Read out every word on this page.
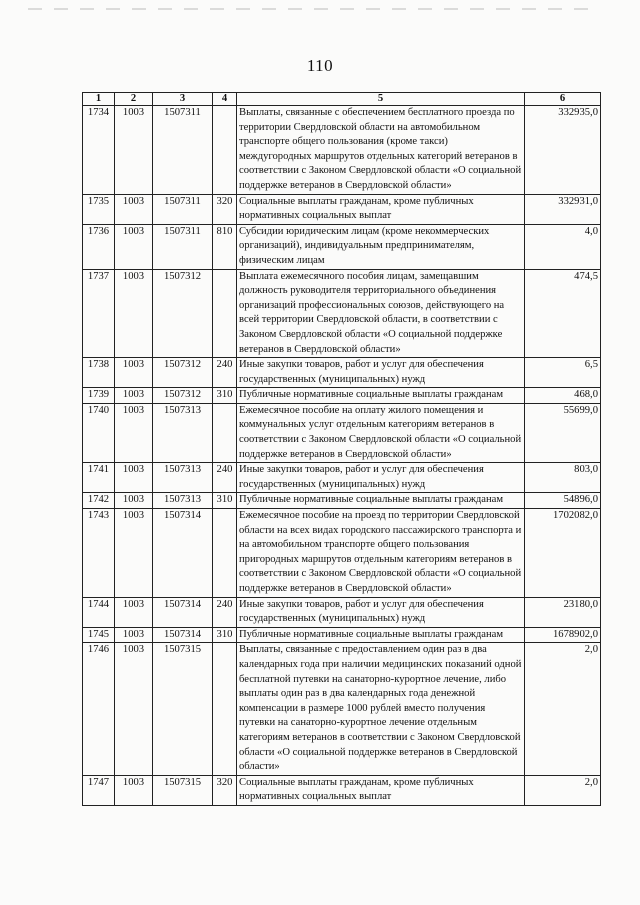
110
1	2	3	4	5	6
1734	1003	1507311		Выплаты, связанные с обеспечением бесплатного проезда по территории Свердловской области на автомобильном транспорте общего пользования (кроме такси) междугородных маршрутов отдельных категорий ветеранов в соответствии с Законом Свердловской области «О социальной поддержке ветеранов в Свердловской области»	332935,0
1735	1003	1507311	320	Социальные выплаты гражданам, кроме публичных нормативных социальных выплат	332931,0
1736	1003	1507311	810	Субсидии юридическим лицам (кроме некоммерческих организаций), индивидуальным предпринимателям, физическим лицам	4,0
1737	1003	1507312		Выплата ежемесячного пособия лицам, замещавшим должность руководителя территориального объединения организаций профессиональных союзов, действующего на всей территории Свердловской области, в соответствии с Законом Свердловской области «О социальной поддержке ветеранов в Свердловской области»	474,5
1738	1003	1507312	240	Иные закупки товаров, работ и услуг для обеспечения государственных (муниципальных) нужд	6,5
1739	1003	1507312	310	Публичные нормативные социальные выплаты гражданам	468,0
1740	1003	1507313		Ежемесячное пособие на оплату жилого помещения и коммунальных услуг отдельным категориям ветеранов в соответствии с Законом Свердловской области «О социальной поддержке ветеранов в Свердловской области»	55699,0
1741	1003	1507313	240	Иные закупки товаров, работ и услуг для обеспечения государственных (муниципальных) нужд	803,0
1742	1003	1507313	310	Публичные нормативные социальные выплаты гражданам	54896,0
1743	1003	1507314		Ежемесячное пособие на проезд по территории Свердловской области на всех видах городского пассажирского транспорта и на автомобильном транспорте общего пользования пригородных маршрутов отдельным категориям ветеранов в соответствии с Законом Свердловской области «О социальной поддержке ветеранов в Свердловской области»	1702082,0
1744	1003	1507314	240	Иные закупки товаров, работ и услуг для обеспечения государственных (муниципальных) нужд	23180,0
1745	1003	1507314	310	Публичные нормативные социальные выплаты гражданам	1678902,0
1746	1003	1507315		Выплаты, связанные с предоставлением один раз в два календарных года при наличии медицинских показаний одной бесплатной путевки на санаторно-курортное лечение, либо выплаты один раз в два календарных года денежной компенсации в размере 1000 рублей вместо получения путевки на санаторно-курортное лечение отдельным категориям ветеранов в соответствии с Законом Свердловской области «О социальной поддержке ветеранов в Свердловской области»	2,0
1747	1003	1507315	320	Социальные выплаты гражданам, кроме публичных нормативных социальных выплат	2,0
